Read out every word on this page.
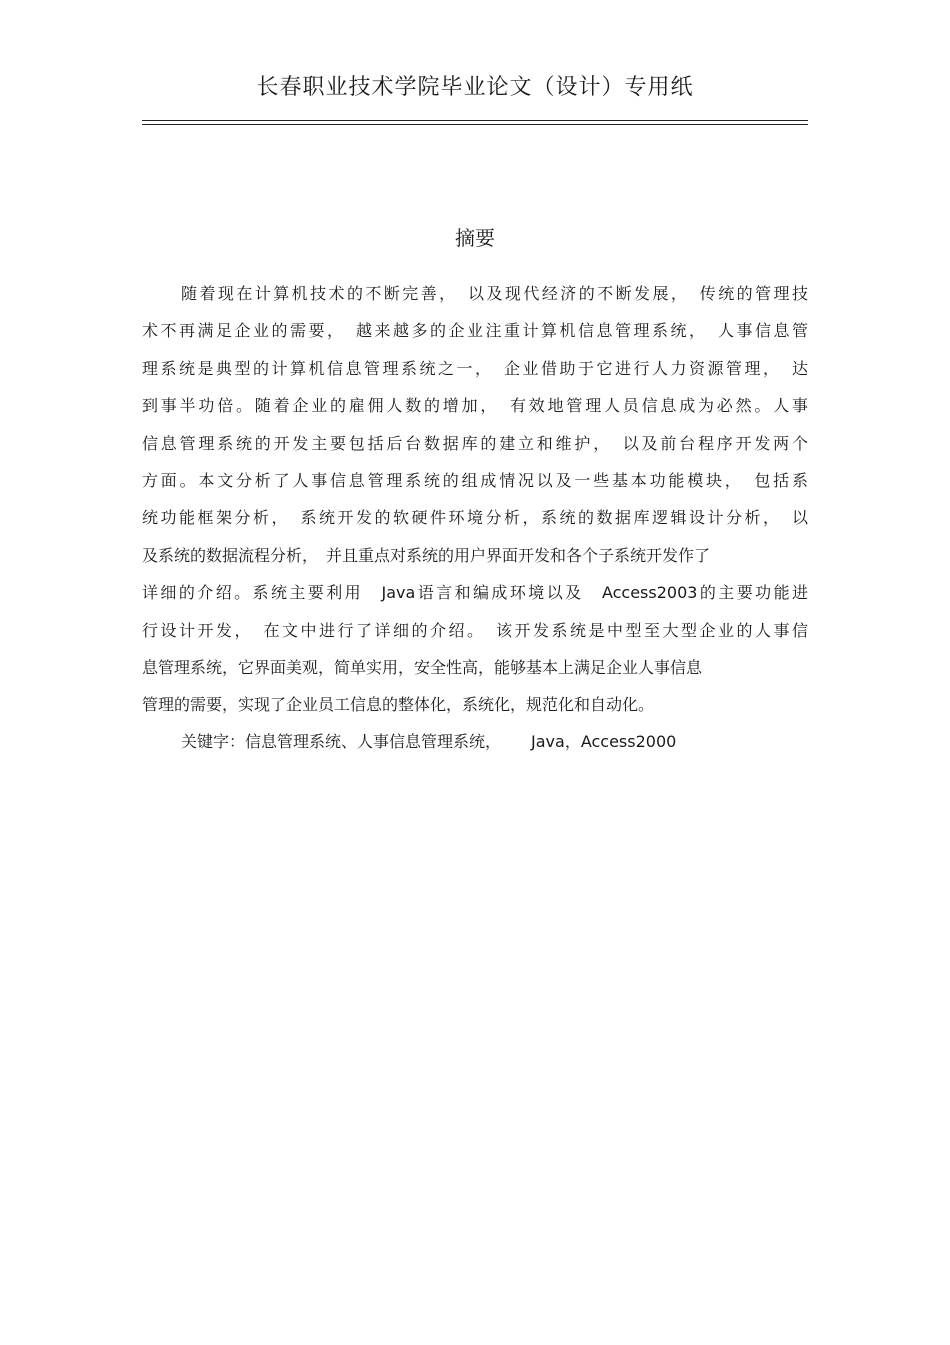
长春职业技术学院毕业论文（设计）专用纸
摘要
随着现在计算机技术的不断完善，　以及现代经济的不断发展，　传统的管理技
术不再满足企业的需要，　越来越多的企业注重计算机信息管理系统，　人事信息管
理系统是典型的计算机信息管理系统之一，　企业借助于它进行人力资源管理，　达
到事半功倍。随着企业的雇佣人数的增加，　有效地管理人员信息成为必然。人事
信息管理系统的开发主要包括后台数据库的建立和维护，　以及前台程序开发两个
方面。本文分析了人事信息管理系统的组成情况以及一些基本功能模块，　包括系
统功能框架分析，　系统开发的软硬件环境分析，系统的数据库逻辑设计分析，　以
及系统的数据流程分析，　并且重点对系统的用户界面开发和各个子系统开发作了
详细的介绍。系统主要利用　Java语言和编成环境以及　Access2003的主要功能进
行设计开发，　在文中进行了详细的介绍。　该开发系统是中型至大型企业的人事信
息管理系统，它界面美观，简单实用，安全性高，能够基本上满足企业人事信息
管理的需要，实现了企业员工信息的整体化，系统化，规范化和自动化。
关键字：信息管理系统、人事信息管理系统， Java，Access2000
